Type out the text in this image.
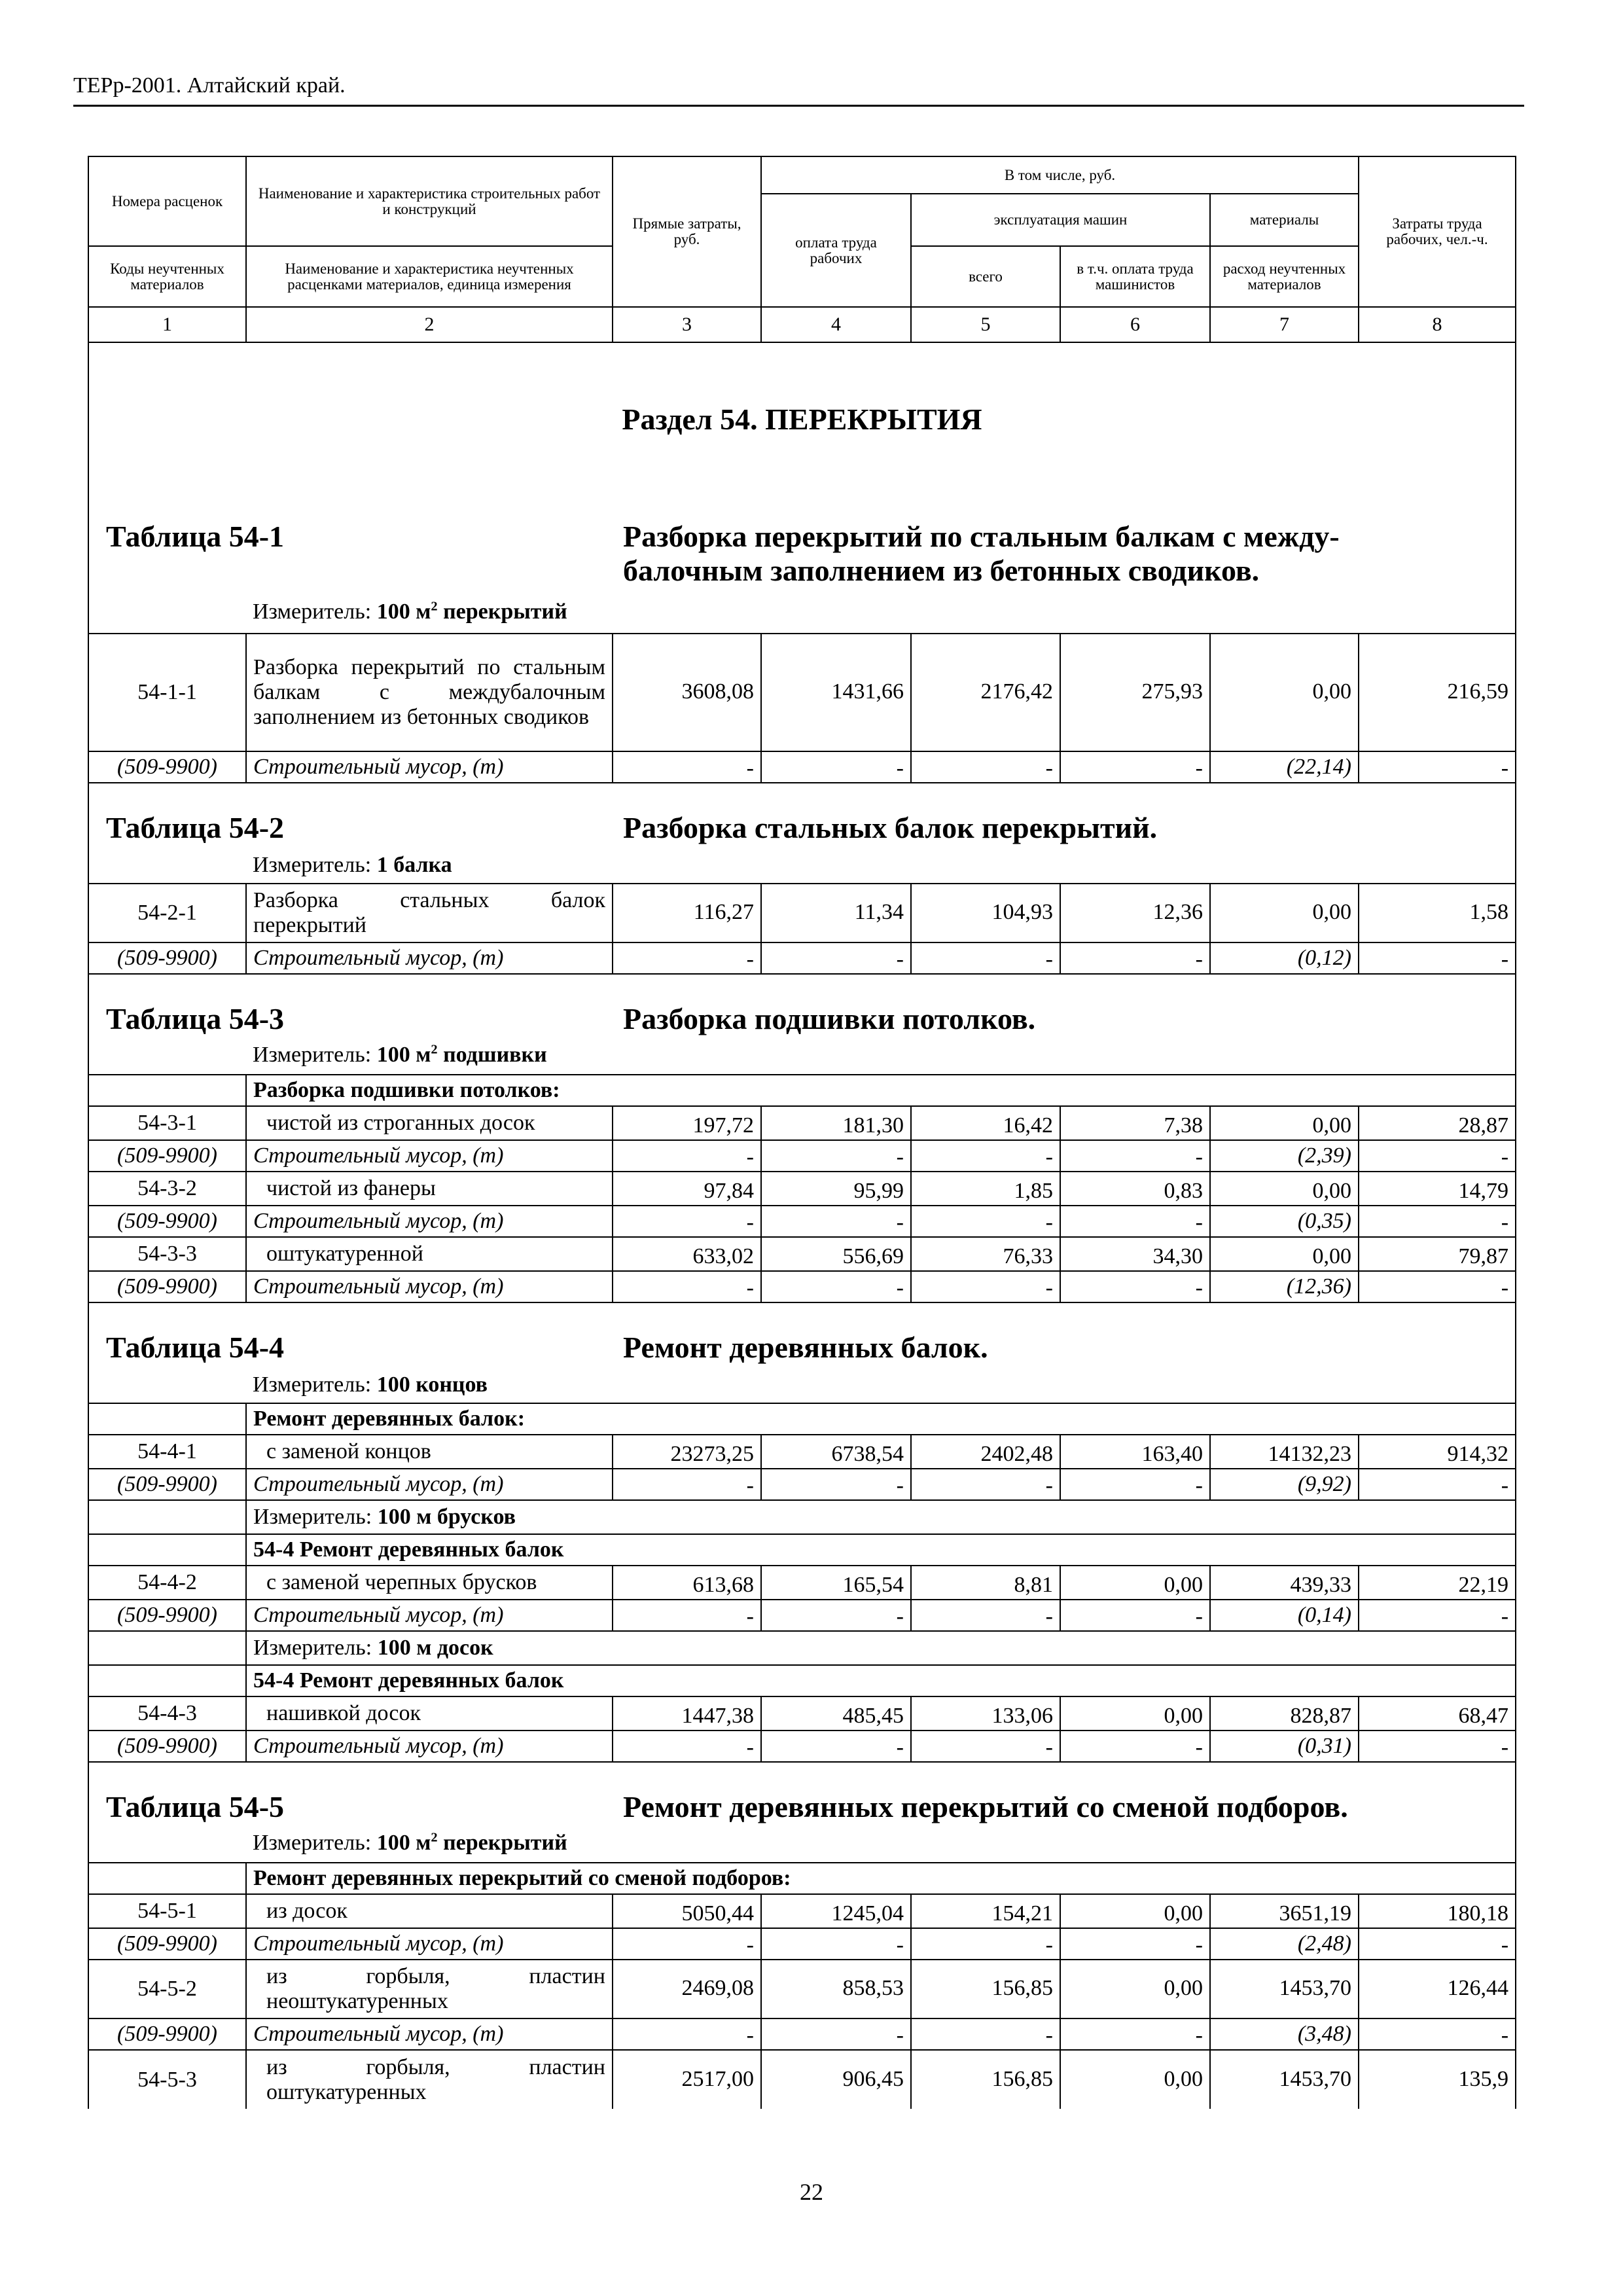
ТЕРр-2001. Алтайский край.
Номера расценок	Наименование и характеристика строительных работ и конструкций	Прямые затраты, руб.	В том числе, руб.				Затраты труда рабочих, чел.-ч.
			оплата труда рабочих	эксплуатация машин		материалы	
Коды неучтенных материалов	Наименование и характеристика неучтенных расценками материалов, единица измерения			всего	в т.ч. оплата труда машинистов	расход неучтенных материалов	
1	2	3	4	5	6	7	8

Раздел 54. ПЕРЕКРЫТИЯ
Таблица 54-1 Разборка перекрытий по стальным балкам с между-
балочным заполнением из бетонных сводиков.
Измеритель: 100 $м^2$ перекрытий							

54-1-1	Разборка перекрытий по стальным балкам с междубалочным заполнением из бетонных сводиков	3608,08	1431,66	2176,42	275,93	0,00	216,59
(509-9900)	Строительный мусор, (т)	-	-	-	-	(22,14)	-

Таблица 54-2 Разборка стальных балок перекрытий.
Измеритель: 1 балка							

54-2-1	Разборка стальных балок перекрытий	116,27	11,34	104,93	12,36	0,00	1,58
(509-9900)	Строительный мусор, (т)	-	-	-	-	(0,12)	-

Таблица 54-3 Разборка подшивки потолков.
Измеритель: 100 $м^2$ подшивки							

	Разборка подшивки потолков:						
54-3-1	чистой из строганных досок	197,72	181,30	16,42	7,38	0,00	28,87
(509-9900)	Строительный мусор, (т)	-	-	-	-	(2,39)	-
54-3-2	чистой из фанеры	97,84	95,99	1,85	0,83	0,00	14,79
(509-9900)	Строительный мусор, (т)	-	-	-	-	(0,35)	-
54-3-3	оштукатуренной	633,02	556,69	76,33	34,30	0,00	79,87
(509-9900)	Строительный мусор, (т)	-	-	-	-	(12,36)	-

Таблица 54-4 Ремонт деревянных балок.
Измеритель: 100 концов							

	Ремонт деревянных балок:						
54-4-1	с заменой концов	23273,25	6738,54	2402,48	163,40	14132,23	914,32
(509-9900)	Строительный мусор, (т)	-	-	-	-	(9,92)	-
	Измеритель: 100 м брусков						
	54-4 Ремонт деревянных балок						
54-4-2	с заменой черепных брусков	613,68	165,54	8,81	0,00	439,33	22,19
(509-9900)	Строительный мусор, (т)	-	-	-	-	(0,14)	-
	Измеритель: 100 м досок						
	54-4 Ремонт деревянных балок						
54-4-3	нашивкой досок	1447,38	485,45	133,06	0,00	828,87	68,47
(509-9900)	Строительный мусор, (т)	-	-	-	-	(0,31)	-

Таблица 54-5 Ремонт деревянных перекрытий со сменой подборов.
Измеритель: 100 $м^2$ перекрытий							

	Ремонт деревянных перекрытий со сменой подборов:						
54-5-1	из досок	5050,44	1245,04	154,21	0,00	3651,19	180,18
(509-9900)	Строительный мусор, (т)	-	-	-	-	(2,48)	-
54-5-2	из горбыля, пластин неоштукатуренных	2469,08	858,53	156,85	0,00	1453,70	126,44
(509-9900)	Строительный мусор, (т)	-	-	-	-	(3,48)	-
54-5-3	из горбыля, пластин оштукатуренных	2517,00	906,45	156,85	0,00	1453,70	135,9
22
